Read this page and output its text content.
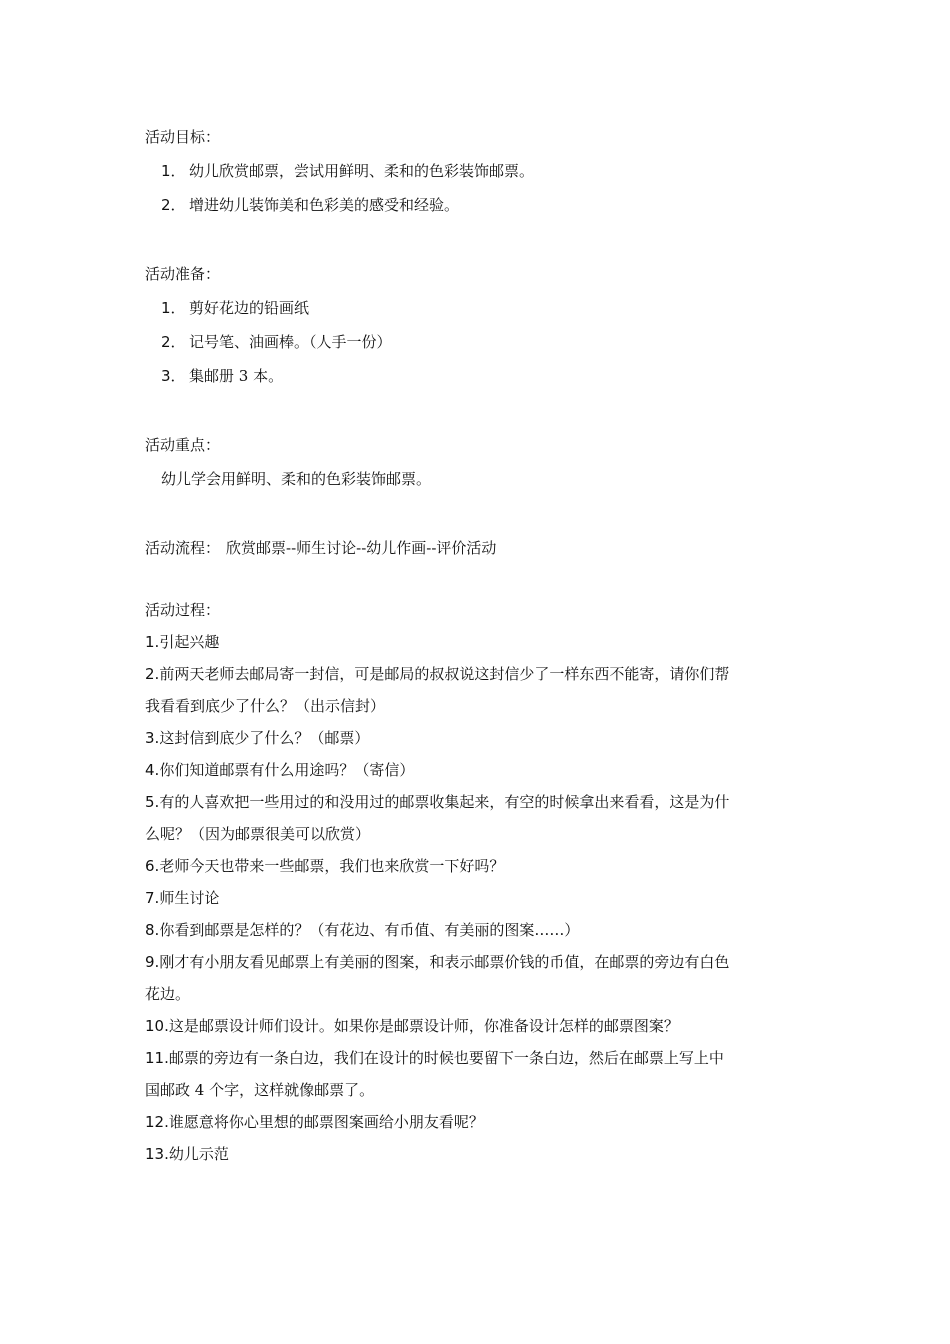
活动目标：

1． 幼儿欣赏邮票，尝试用鲜明、柔和的色彩装饰邮票。
2． 增进幼儿装饰美和色彩美的感受和经验。

活动准备：

1． 剪好花边的铅画纸
2． 记号笔、油画棒。（人手一份）
3． 集邮册 3 本。

活动重点：

幼儿学会用鲜明、柔和的色彩装饰邮票。

活动流程： 欣赏邮票--师生讨论--幼儿作画--评价活动

活动过程：

1.引起兴趣
2.前两天老师去邮局寄一封信，可是邮局的叔叔说这封信少了一样东西不能寄，请你们帮
我看看到底少了什么？（出示信封）
3.这封信到底少了什么？（邮票）
4.你们知道邮票有什么用途吗？（寄信）
5.有的人喜欢把一些用过的和没用过的邮票收集起来，有空的时候拿出来看看，这是为什
么呢？（因为邮票很美可以欣赏）
6.老师今天也带来一些邮票，我们也来欣赏一下好吗？
7.师生讨论
8.你看到邮票是怎样的？（有花边、有币值、有美丽的图案……）
9.刚才有小朋友看见邮票上有美丽的图案，和表示邮票价钱的币值，在邮票的旁边有白色
花边。
10.这是邮票设计师们设计。如果你是邮票设计师，你准备设计怎样的邮票图案？
11.邮票的旁边有一条白边，我们在设计的时候也要留下一条白边，然后在邮票上写上中
国邮政 4 个字，这样就像邮票了。
12.谁愿意将你心里想的邮票图案画给小朋友看呢？
13.幼儿示范
